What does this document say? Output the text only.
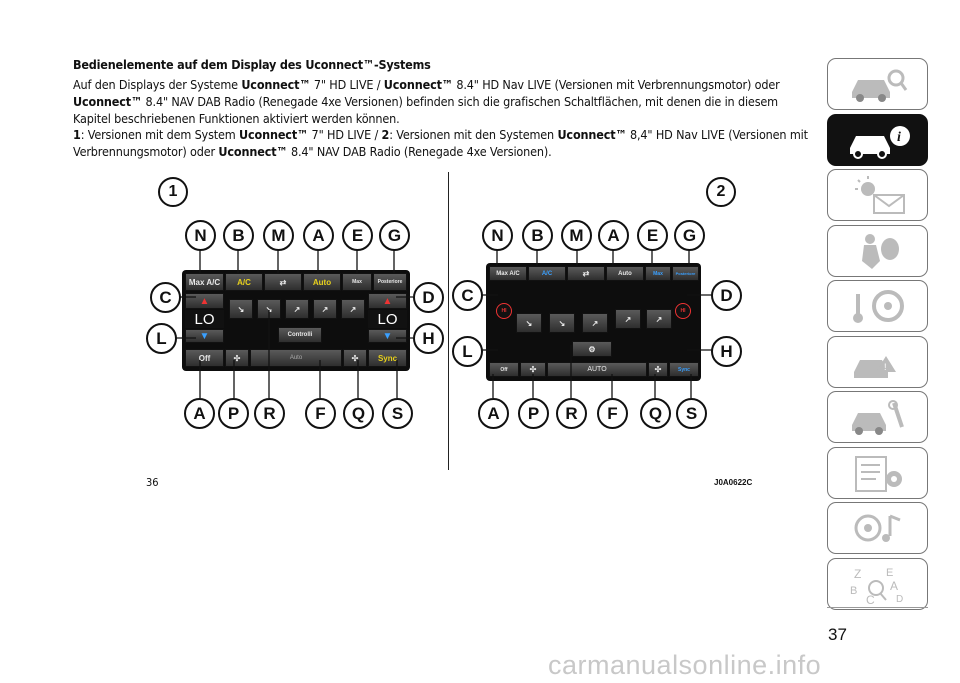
Bedienelemente auf dem Display des Uconnect™-Systems
Auf den Displays der Systeme Uconnect™ 7" HD LIVE / Uconnect™ 8.4" HD Nav LIVE (Versionen mit Verbrennungsmotor) oder Uconnect™ 8.4" NAV DAB Radio (Renegade 4xe Versionen) befinden sich die grafischen Schaltflächen, mit denen die in diesem Kapitel beschriebenen Funktionen aktiviert werden können.
1: Versionen mit dem System Uconnect™ 7" HD LIVE / 2: Versionen mit den Systemen Uconnect™ 8,4" HD Nav LIVE (Versionen mit Verbrennungsmotor) oder Uconnect™ 8.4" NAV DAB Radio (Renegade 4xe Versionen).
Max A/C	A/C	⇄	Auto	Max	Posteriore
▲
LO
▼
↘	↘	↗	↗	↗
Controlli
▲
LO
▼
Off	✣	Auto	✣	Sync
Max A/C	A/C	⇄	Auto	Max	Posteriore
HI	HI
↘	↘	↗	↗	↗
⚙
Off	✣	AUTO	✣	Sync
1	2
N	B	M	A	E	G
C
L
D
H
A	P	R	F	Q	S
N	B	M	A	E	G
C
L
D
H
A	P	R	F	Q	S
36	J0A0622C
i
!
Z E
B	A
D
C
37
carmanualsonline.info
